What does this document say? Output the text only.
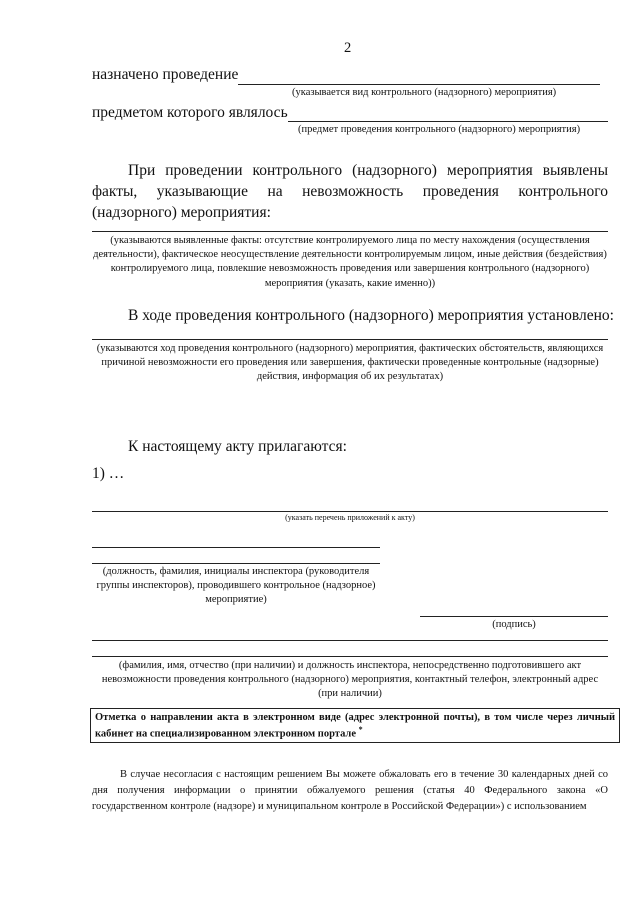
2
назначено проведение
(указывается вид контрольного (надзорного) мероприятия)
предметом которого являлось
(предмет проведения контрольного (надзорного) мероприятия)
При проведении контрольного (надзорного) мероприятия выявлены факты, указывающие на невозможность проведения контрольного (надзорного) мероприятия:
(указываются выявленные факты: отсутствие контролируемого лица по месту нахождения (осуществления деятельности), фактическое неосуществление деятельности контролируемым лицом, иные действия (бездействия) контролируемого лица, повлекшие невозможность проведения или завершения контрольного (надзорного) мероприятия (указать, какие именно))
В ходе проведения контрольного (надзорного) мероприятия установлено:
(указываются ход проведения контрольного (надзорного) мероприятия, фактических обстоятельств, являющихся причиной невозможности его проведения или завершения, фактически проведенные контрольные (надзорные) действия, информация об их результатах)
К настоящему акту прилагаются:
1) …
(указать перечень приложений к акту)
(должность, фамилия, инициалы инспектора (руководителя группы инспекторов), проводившего контрольное (надзорное) мероприятие)
(подпись)
(фамилия, имя, отчество (при наличии) и должность инспектора, непосредственно подготовившего акт невозможности проведения контрольного (надзорного) мероприятия, контактный телефон, электронный адрес (при наличии)
Отметка о направлении акта в электронном виде (адрес электронной почты), в том числе через личный кабинет на специализированном электронном портале *
В случае несогласия с настоящим решением Вы можете обжаловать его в течение 30 календарных дней со дня получения информации о принятии обжалуемого решения (статья 40 Федерального закона «О государственном контроле (надзоре) и муниципальном контроле в Российской Федерации») с использованием
